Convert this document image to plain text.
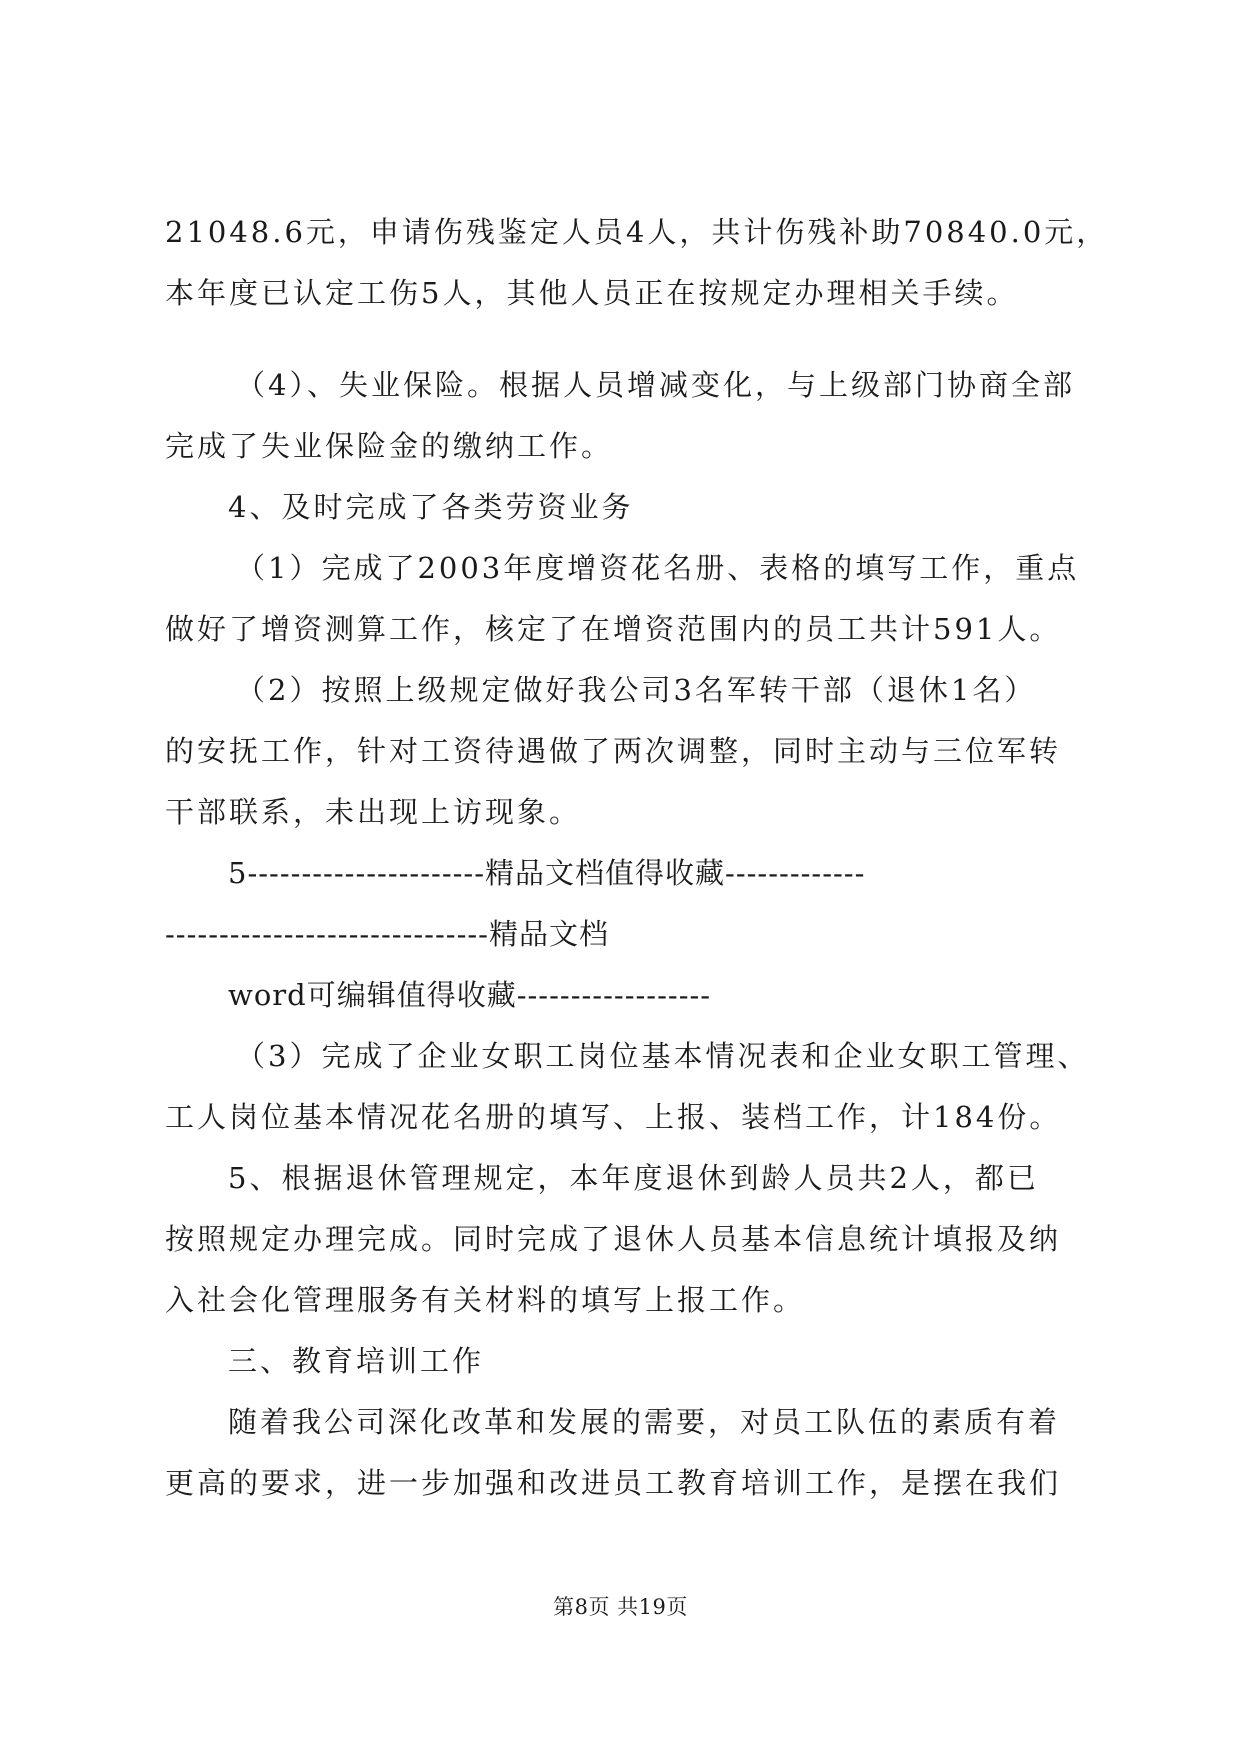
21048.6元，申请伤残鉴定人员4人，共计伤残补助70840.0元，
本年度已认定工伤5人，其他人员正在按规定办理相关手续。
（4）、失业保险。根据人员增减变化，与上级部门协商全部
完成了失业保险金的缴纳工作。
4、及时完成了各类劳资业务
（1）完成了2003年度增资花名册、表格的填写工作，重点
做好了增资测算工作，核定了在增资范围内的员工共计591人。
（2）按照上级规定做好我公司3名军转干部（退休1名）
的安抚工作，针对工资待遇做了两次调整，同时主动与三位军转
干部联系，未出现上访现象。
5----------------------精品文档值得收藏-------------
------------------------------精品文档
word可编辑值得收藏------------------
（3）完成了企业女职工岗位基本情况表和企业女职工管理、
工人岗位基本情况花名册的填写、上报、装档工作，计184份。
5、根据退休管理规定，本年度退休到龄人员共2人，都已
按照规定办理完成。同时完成了退休人员基本信息统计填报及纳
入社会化管理服务有关材料的填写上报工作。
三、教育培训工作
随着我公司深化改革和发展的需要，对员工队伍的素质有着
更高的要求，进一步加强和改进员工教育培训工作，是摆在我们
第8页 共19页
